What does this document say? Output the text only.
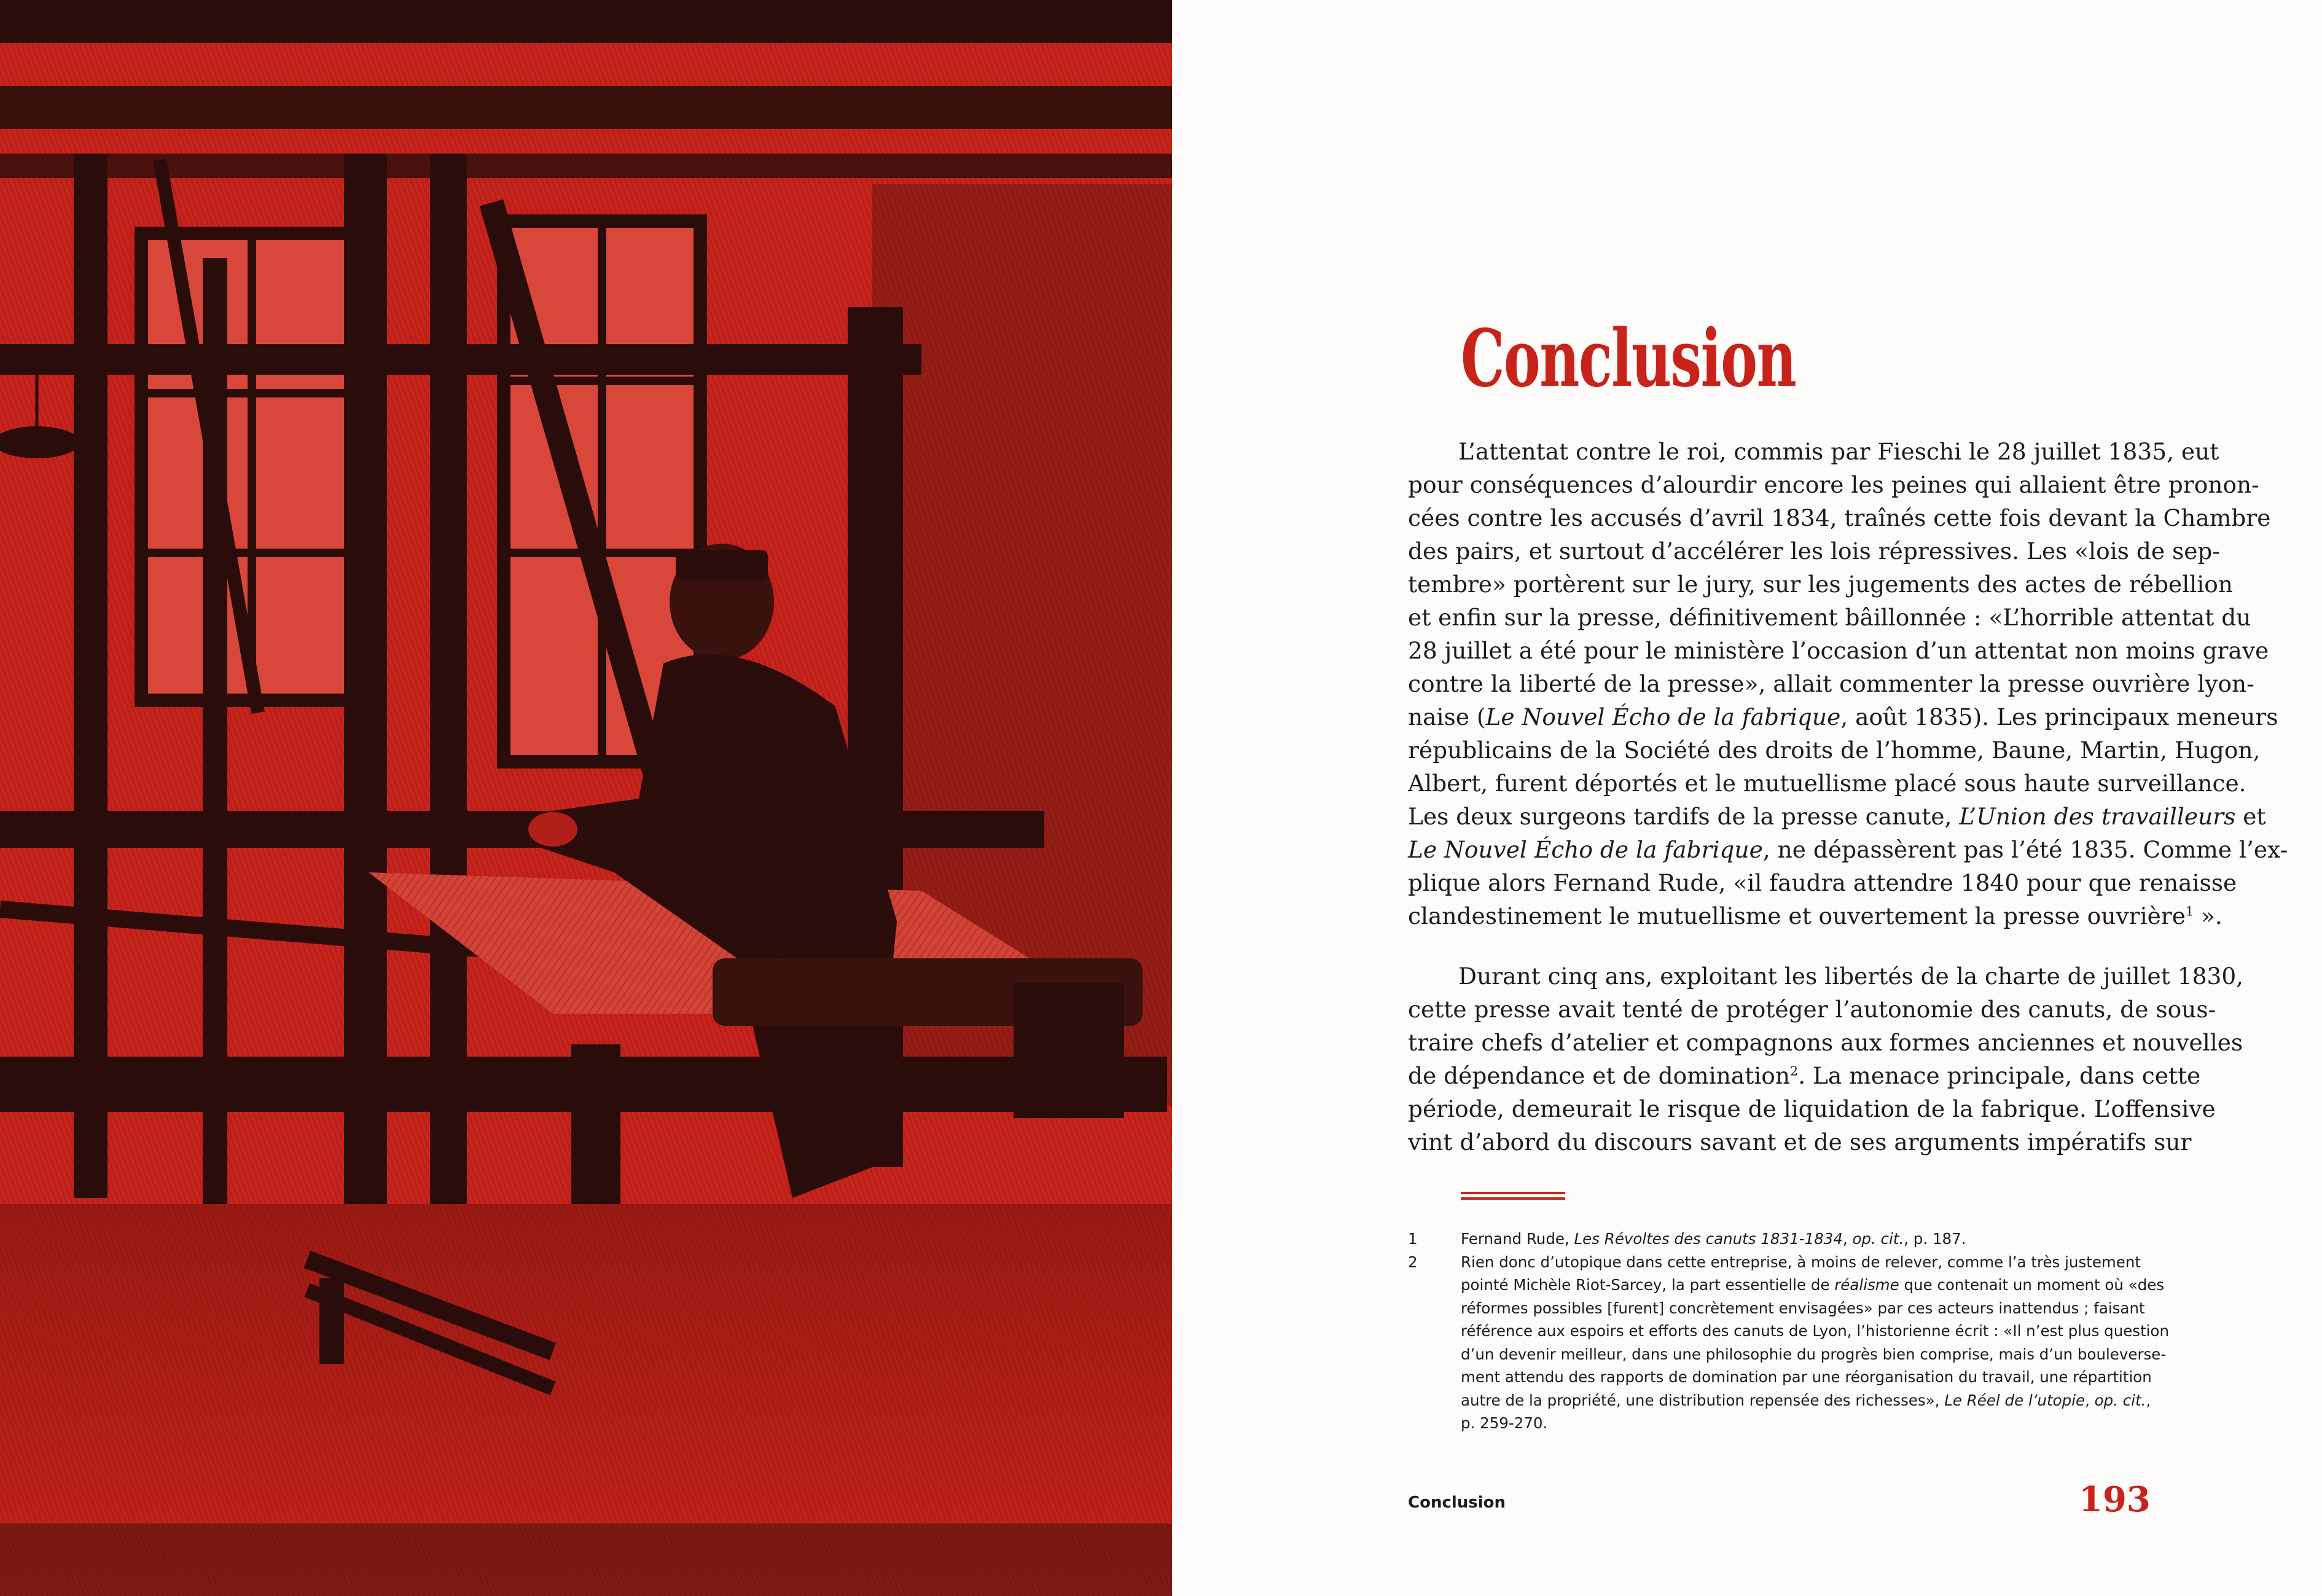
Conclusion
L’attentat contre le roi, commis par Fieschi le 28 juillet 1835, eut
pour conséquences d’alourdir encore les peines qui allaient être pronon-
cées contre les accusés d’avril 1834, traînés cette fois devant la Chambre
des pairs, et surtout d’accélérer les lois répressives. Les «lois de sep-
tembre» portèrent sur le jury, sur les jugements des actes de rébellion
et enfin sur la presse, définitivement bâillonnée : «L’horrible attentat du
28 juillet a été pour le ministère l’occasion d’un attentat non moins grave
contre la liberté de la presse», allait commenter la presse ouvrière lyon-
naise (Le Nouvel Écho de la fabrique, août 1835). Les principaux meneurs
républicains de la Société des droits de l’homme, Baune, Martin, Hugon,
Albert, furent déportés et le mutuellisme placé sous haute surveillance.
Les deux surgeons tardifs de la presse canute, L’Union des travailleurs et
Le Nouvel Écho de la fabrique, ne dépassèrent pas l’été 1835. Comme l’ex-
plique alors Fernand Rude, «il faudra attendre 1840 pour que renaisse
clandestinement le mutuellisme et ouvertement la presse ouvrière$^1$ ».
Durant cinq ans, exploitant les libertés de la charte de juillet 1830,
cette presse avait tenté de protéger l’autonomie des canuts, de sous-
traire chefs d’atelier et compagnons aux formes anciennes et nouvelles
de dépendance et de domination$^2$. La menace principale, dans cette
période, demeurait le risque de liquidation de la fabrique. L’offensive
vint d’abord du discours savant et de ses arguments impératifs sur
1	Fernand Rude, Les Révoltes des canuts 1831-1834, op. cit., p. 187.
2	Rien donc d’utopique dans cette entreprise, à moins de relever, comme l’a très justement
pointé Michèle Riot-Sarcey, la part essentielle de réalisme que contenait un moment où «des
réformes possibles [furent] concrètement envisagées» par ces acteurs inattendus ; faisant
référence aux espoirs et efforts des canuts de Lyon, l’historienne écrit : «Il n’est plus question
d’un devenir meilleur, dans une philosophie du progrès bien comprise, mais d’un bouleverse-
ment attendu des rapports de domination par une réorganisation du travail, une répartition
autre de la propriété, une distribution repensée des richesses», Le Réel de l’utopie, op. cit.,
p. 259-270.
Conclusion	193
